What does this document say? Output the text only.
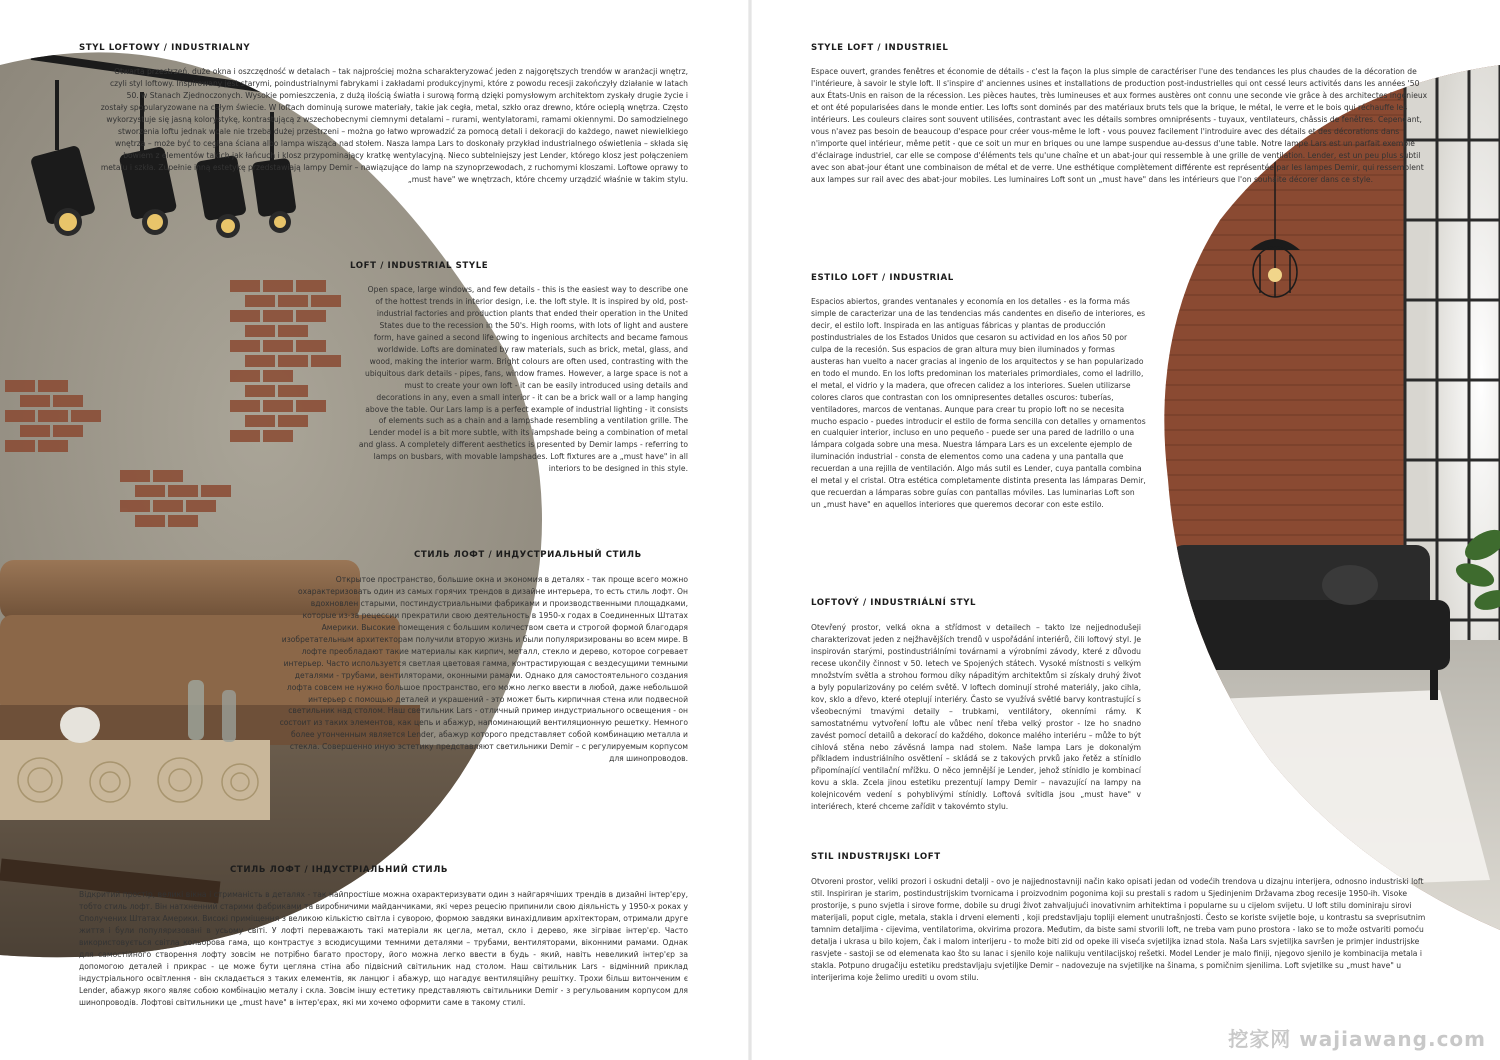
STYL LOFTOWY / INDUSTRIALNY

Otwarta przestrzeń, duże okna i oszczędność w detalach – tak najprościej można scharakteryzować jeden z najgorętszych trendów w aranżacji wnętrz, czyli styl loftowy. Inspirowany jest starymi, poindustrialnymi fabrykami i zakładami produkcyjnymi, które z powodu recesji zakończyły działanie w latach 50. w Stanach Zjednoczonych. Wysokie pomieszczenia, z dużą ilością światła i surową formą dzięki pomysłowym architektom zyskały drugie życie i zostały spopularyzowane na całym świecie. W loftach dominują surowe materiały, takie jak cegła, metal, szkło oraz drewno, które ocieplą wnętrza. Często wykorzystuje się jasną kolorystykę, kontrastującą z wszechobecnymi ciemnymi detalami – rurami, wentylatorami, ramami okiennymi. Do samodzielnego stworzenia loftu jednak wcale nie trzeba dużej przestrzeni – można go łatwo wprowadzić za pomocą detali i dekoracji do każdego, nawet niewielkiego wnętrza – może być to ceglana ściana albo lampa wisząca nad stołem. Nasza lampa Lars to doskonały przykład industrialnego oświetlenia – składa się bowiem z elementów takich jak łańcuch i klosz przypominający kratkę wentylacyjną. Nieco subtelniejszy jest Lender, którego klosz jest połączeniem metalu i szkła. Zupełnie inną estetykę przedstawiają lampy Demir – nawiązujące do lamp na szynoprzewodach, z ruchomymi kloszami. Loftowe oprawy to „must have" we wnętrzach, które chcemy urządzić właśnie w takim stylu.

LOFT / INDUSTRIAL STYLE

Open space, large windows, and few details - this is the easiest way to describe one of the hottest trends in interior design, i.e. the loft style. It is inspired by old, post-industrial factories and production plants that ended their operation in the United States due to the recession in the 50's. High rooms, with lots of light and austere form, have gained a second life owing to ingenious architects and became famous worldwide. Lofts are dominated by raw materials, such as brick, metal, glass, and wood, making the interior warm. Bright colours are often used, contrasting with the ubiquitous dark details - pipes, fans, window frames. However, a large space is not a must to create your own loft - it can be easily introduced using details and decorations in any, even a small interior - it can be a brick wall or a lamp hanging above the table. Our Lars lamp is a perfect example of industrial lighting - it consists of elements such as a chain and a lampshade resembling a ventilation grille. The Lender model is a bit more subtle, with its lampshade being a combination of metal and glass. A completely different aesthetics is presented by Demir lamps - referring to lamps on busbars, with movable lampshades. Loft fixtures are a „must have" in all interiors to be designed in this style.

СТИЛЬ ЛОФТ / ИНДУСТРИАЛЬНЫЙ СТИЛЬ

Открытое пространство, большие окна и экономия в деталях - так проще всего можно охарактеризовать один из самых горячих трендов в дизайне интерьера, то есть стиль лофт. Он вдохновлен старыми, постиндустриальными фабриками и производственными площадками, которые из-за рецессии прекратили свою деятельность в 1950-х годах в Соединенных Штатах Америки. Высокие помещения с большим количеством света и строгой формой благодаря изобретательным архитекторам получили вторую жизнь и были популяризированы во всем мире. В лофте преобладают такие материалы как кирпич, металл, стекло и дерево, которое согревает интерьер. Часто используется светлая цветовая гамма, контрастирующая с вездесущими темными деталями - трубами, вентиляторами, оконными рамами. Однако для самостоятельного создания лофта совсем не нужно большое пространство, его можно легко ввести в любой, даже небольшой интерьер с помощью деталей и украшений - это может быть кирпичная стена или подвесной светильник над столом. Наш светильник Lars - отличный пример индустриального освещения - он состоит из таких элементов, как цепь и абажур, напоминающий вентиляционную решетку. Немного более утонченным является Lender, абажур которого представляет собой комбинацию металла и стекла. Совершенно иную эстетику представляют светильники Demir – с регулируемым корпусом для шинопроводов.

СТИЛЬ ЛОФТ / ІНДУСТРІАЛЬНИЙ СТИЛЬ

Відкритий простір, великі вікна і стриманість в деталях - так найпростіше можна охарактеризувати один з найгарячіших трендів в дизайні інтер'єру, тобто стиль лофт. Він натхненний старими фабриками та виробничими майданчиками, які через рецесію припинили свою діяльність у 1950-х роках у Сполучених Штатах Америки. Високі приміщення з великою кількістю світла і суворою, формою завдяки винахідливим архітекторам, отримали друге життя і були популяризовані в усьому світі. У лофті переважають такі матеріали як цегла, метал, скло і дерево, яке зігріває інтер'єр. Часто використовується світла кольорова гама, що контрастує з всюдисущими темними деталями – трубами, вентиляторами, віконними рамами. Однак для самостійного створення лофту зовсім не потрібно багато простору, його можна легко ввести в будь - який, навіть невеликий інтер'єр за допомогою деталей і прикрас - це може бути цегляна стіна або підвісний світильник над столом. Наш світильник Lars - відмінний приклад індустріального освітлення - він складається з таких елементів, як ланцюг і абажур, що нагадує вентиляційну решітку. Трохи більш витонченим є Lender, абажур якого являє собою комбінацію металу і скла. Зовсім іншу естетику представляють світильники Demir - з регульованим корпусом для шинопроводів. Лофтові світильники це „must have" в інтер'єрах, які ми хочемо оформити саме в такому стилі.

STYLE LOFT / INDUSTRIEL

Espace ouvert, grandes fenêtres et économie de détails - c'est la façon la plus simple de caractériser l'une des tendances les plus chaudes de la décoration de l'intérieure, à savoir le style loft. Il s'inspire d' anciennes usines et installations de production post-industrielles qui ont cessé leurs activités dans les années '50 aux États-Unis en raison de la récession. Les pièces hautes, très lumineuses et aux formes austères ont connu une seconde vie grâce à des architectes ingénieux et ont été popularisées dans le monde entier. Les lofts sont dominés par des matériaux bruts tels que la brique, le métal, le verre et le bois qui réchauffe les intérieurs. Les couleurs claires sont souvent utilisées, contrastant avec les détails sombres omniprésents - tuyaux, ventilateurs, châssis de fenêtres. Cependant, vous n'avez pas besoin de beaucoup d'espace pour créer vous-même le loft - vous pouvez facilement l'introduire avec des détails et des décorations dans n'importe quel intérieur, même petit - que ce soit un mur en briques ou une lampe suspendue au-dessus d'une table. Notre lampe Lars est un parfait exemple d'éclairage industriel, car elle se compose d'éléments tels qu'une chaîne et un abat-jour qui ressemble à une grille de ventilation. Lender, est un peu plus subtil avec son abat-jour étant une combinaison de métal et de verre. Une esthétique complètement différente est représentée par les lampes Demir, qui ressemblent aux lampes sur rail avec des abat-jour mobiles. Les luminaires Loft sont un „must have" dans les intérieurs que l'on souhaite décorer dans ce style.

ESTILO LOFT / INDUSTRIAL

Espacios abiertos, grandes ventanales y economía en los detalles - es la forma más simple de caracterizar una de las tendencias más candentes en diseño de interiores, es decir, el estilo loft. Inspirada en las antiguas fábricas y plantas de producción postindustriales de los Estados Unidos que cesaron su actividad en los años 50 por culpa de la recesión. Sus espacios de gran altura muy bien iluminados y formas austeras han vuelto a nacer gracias al ingenio de los arquitectos y se han popularizado en todo el mundo. En los lofts predominan los materiales primordiales, como el ladrillo, el metal, el vidrio y la madera, que ofrecen calidez a los interiores. Suelen utilizarse colores claros que contrastan con los omnipresentes detalles oscuros: tuberías, ventiladores, marcos de ventanas. Aunque para crear tu propio loft no se necesita mucho espacio - puedes introducir el estilo de forma sencilla con detalles y ornamentos en cualquier interior, incluso en uno pequeño - puede ser una pared de ladrillo o una lámpara colgada sobre una mesa. Nuestra lámpara Lars es un excelente ejemplo de iluminación industrial - consta de elementos como una cadena y una pantalla que recuerdan a una rejilla de ventilación. Algo más sutil es Lender, cuya pantalla combina el metal y el cristal. Otra estética completamente distinta presenta las lámparas Demir, que recuerdan a lámparas sobre guías con pantallas móviles. Las luminarias Loft son un „must have" en aquellos interiores que queremos decorar con este estilo.

LOFTOVÝ / INDUSTRIÁLNÍ STYL

Otevřený prostor, velká okna a střídmost v detailech – takto lze nejjednodušeji charakterizovat jeden z nejžhavějších trendů v uspořádání interiérů, čili loftový styl. Je inspirován starými, postindustriálními továrnami a výrobními závody, které z důvodu recese ukončily činnost v 50. letech ve Spojených státech. Vysoké místnosti s velkým množstvím světla a strohou formou díky nápaditým architektům si získaly druhý život a byly popularizovány po celém světě. V loftech dominují strohé materiály, jako cihla, kov, sklo a dřevo, které oteplují interiéry. Často se využívá světlé barvy kontrastující s všeobecnými tmavými detaily – trubkami, ventilátory, okenními rámy. K samostatnému vytvoření loftu ale vůbec není třeba velký prostor - lze ho snadno zavést pomocí detailů a dekorací do každého, dokonce malého interiéru – může to být cihlová stěna nebo závěsná lampa nad stolem. Naše lampa Lars je dokonalým příkladem industriálního osvětlení – skládá se z takových prvků jako řetěz a stínidlo připomínající ventilační mřížku. O něco jemnější je Lender, jehož stínidlo je kombinací kovu a skla. Zcela jinou estetiku prezentují lampy Demir – navazující na lampy na kolejnicovém vedení s pohyblivými stínidly. Loftová svítidla jsou „must have" v interiérech, které chceme zařídit v takovémto stylu.

STIL INDUSTRIJSKI LOFT

Otvoreni prostor, veliki prozori i oskudni detalji - ovo je najjednostavniji način kako opisati jedan od vodećih trendova u dizajnu interijera, odnosno industriski loft stil. Inspiriran je starim, postindustrijskim tvornicama i proizvodnim pogonima koji su prestali s radom u Sjedinjenim Državama zbog recesije 1950-ih. Visoke prostorije, s puno svjetla i sirove forme, dobile su drugi život zahvaljujući inovativnim arhitektima i popularne su u cijelom svijetu. U loft stilu dominiraju sirovi materijali, poput cigle, metala, stakla i drveni elementi , koji predstavljaju topliji element unutrašnjosti. Često se koriste svijetle boje, u kontrastu sa sveprisutnim tamnim detaljima - cijevima, ventilatorima, okvirima prozora. Međutim, da biste sami stvorili loft, ne treba vam puno prostora - lako se to može ostvariti pomoću detalja i ukrasa u bilo kojem, čak i malom interijeru - to može biti zid od opeke ili viseća svjetiljka iznad stola. Naša Lars svjetiljka savršen je primjer industrijske rasvjete - sastoji se od elemenata kao što su lanac i sjenilo koje nalikuju ventilacijskoj rešetki. Model Lender je malo finiji, njegovo sjenilo je kombinacija metala i stakla. Potpuno drugačiju estetiku predstavljaju svjetiljke Demir – nadovezuje na svjetiljke na šinama, s pomičnim sjenilima. Loft svjetilke su „must have" u interijerima koje želimo urediti u ovom stilu.

挖家网 wajiawang.com
